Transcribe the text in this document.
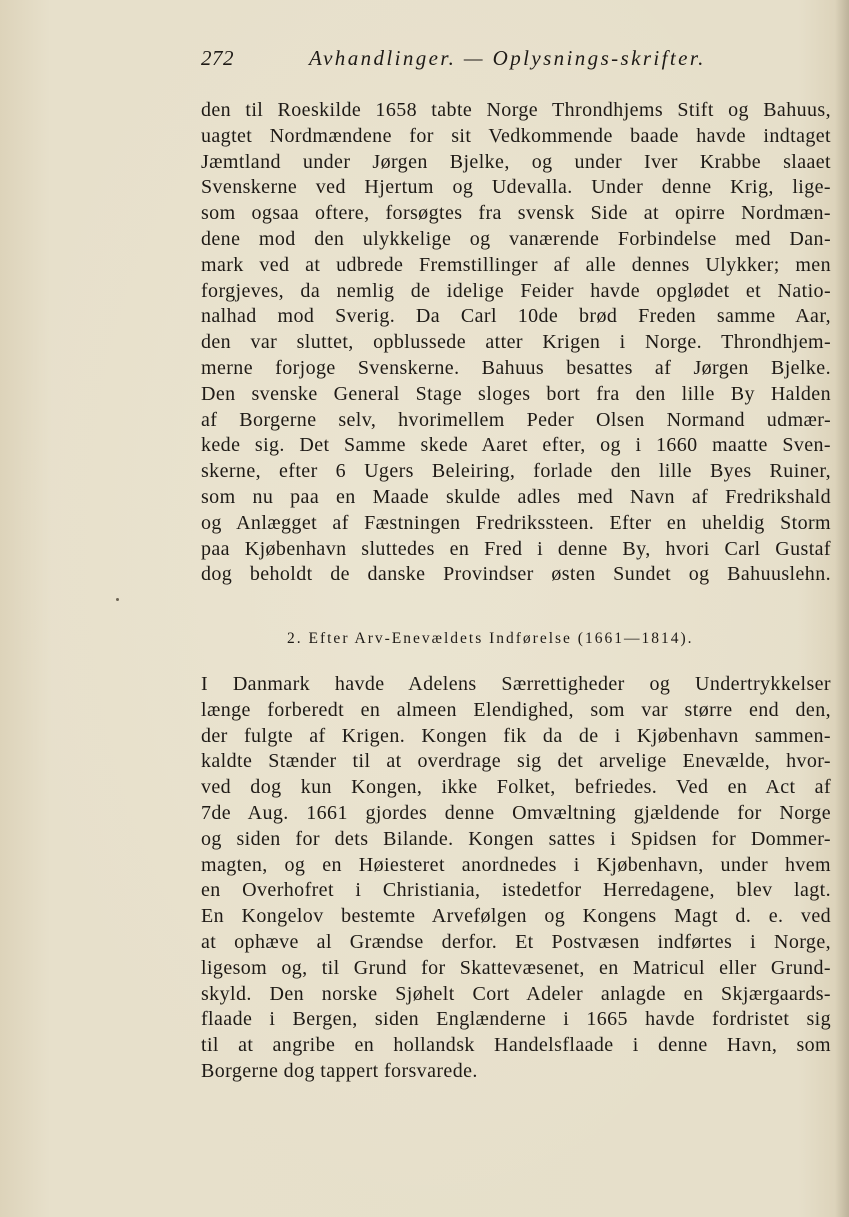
272	Avhandlinger. — Oplysnings-skrifter.
den til Roeskilde 1658 tabte Norge Throndhjems Stift og Bahuus,
uagtet Nordmændene for sit Vedkommende baade havde indtaget
Jæmtland under Jørgen Bjelke, og under Iver Krabbe slaaet
Svenskerne ved Hjertum og Udevalla. Under denne Krig, lige-
som ogsaa oftere, forsøgtes fra svensk Side at opirre Nordmæn-
dene mod den ulykkelige og vanærende Forbindelse med Dan-
mark ved at udbrede Fremstillinger af alle dennes Ulykker; men
forgjeves, da nemlig de idelige Feider havde opglødet et Natio-
nalhad mod Sverig. Da Carl 10de brød Freden samme Aar,
den var sluttet, opblussede atter Krigen i Norge. Throndhjem-
merne forjoge Svenskerne. Bahuus besattes af Jørgen Bjelke.
Den svenske General Stage sloges bort fra den lille By Halden
af Borgerne selv, hvorimellem Peder Olsen Normand udmær-
kede sig. Det Samme skede Aaret efter, og i 1660 maatte Sven-
skerne, efter 6 Ugers Beleiring, forlade den lille Byes Ruiner,
som nu paa en Maade skulde adles med Navn af Fredrikshald
og Anlægget af Fæstningen Fredrikssteen. Efter en uheldig Storm
paa Kjøbenhavn sluttedes en Fred i denne By, hvori Carl Gustaf
dog beholdt de danske Provindser østen Sundet og Bahuuslehn.
2. Efter Arv-Enevældets Indførelse (1661—1814).
I Danmark havde Adelens Særrettigheder og Undertrykkelser
længe forberedt en almeen Elendighed, som var større end den,
der fulgte af Krigen. Kongen fik da de i Kjøbenhavn sammen-
kaldte Stænder til at overdrage sig det arvelige Enevælde, hvor-
ved dog kun Kongen, ikke Folket, befriedes. Ved en Act af
7de Aug. 1661 gjordes denne Omvæltning gjældende for Norge
og siden for dets Bilande. Kongen sattes i Spidsen for Dommer-
magten, og en Høiesteret anordnedes i Kjøbenhavn, under hvem
en Overhofret i Christiania, istedetfor Herredagene, blev lagt.
En Kongelov bestemte Arvefølgen og Kongens Magt d. e. ved
at ophæve al Grændse derfor. Et Postvæsen indførtes i Norge,
ligesom og, til Grund for Skattevæsenet, en Matricul eller Grund-
skyld. Den norske Sjøhelt Cort Adeler anlagde en Skjærgaards-
flaade i Bergen, siden Englænderne i 1665 havde fordristet sig
til at angribe en hollandsk Handelsflaade i denne Havn, som
Borgerne dog tappert forsvarede.
